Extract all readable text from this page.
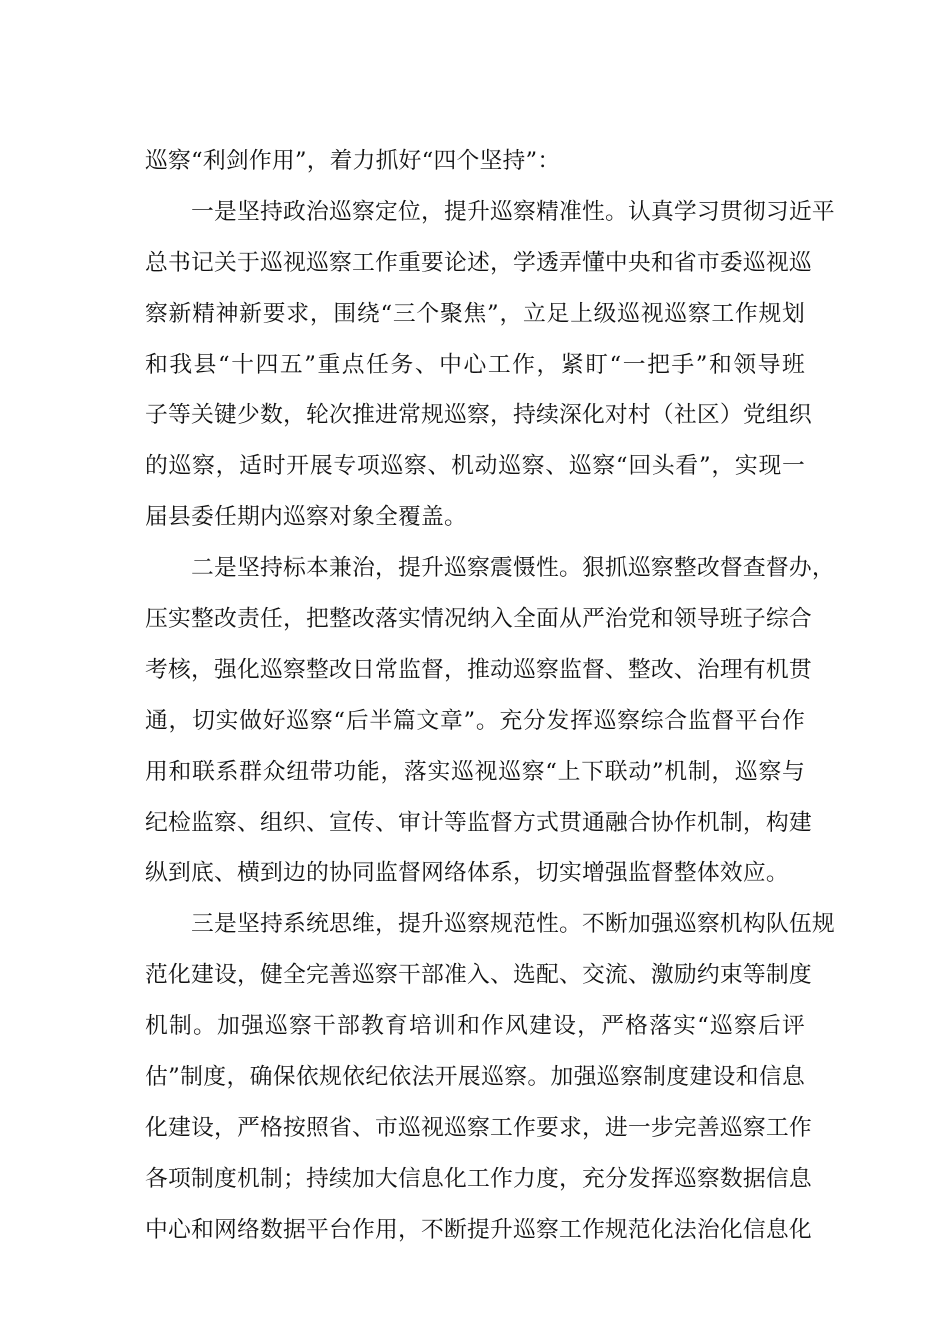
巡察“利剑作用”，着力抓好“四个坚持”：
一是坚持政治巡察定位，提升巡察精准性。认真学习贯彻习近平
总书记关于巡视巡察工作重要论述，学透弄懂中央和省市委巡视巡
察新精神新要求，围绕“三个聚焦”，立足上级巡视巡察工作规划
和我县“十四五”重点任务、中心工作，紧盯“一把手”和领导班
子等关键少数，轮次推进常规巡察，持续深化对村（社区）党组织
的巡察，适时开展专项巡察、机动巡察、巡察“回头看”，实现一
届县委任期内巡察对象全覆盖。
二是坚持标本兼治，提升巡察震慑性。狠抓巡察整改督查督办，
压实整改责任，把整改落实情况纳入全面从严治党和领导班子综合
考核，强化巡察整改日常监督，推动巡察监督、整改、治理有机贯
通，切实做好巡察“后半篇文章”。充分发挥巡察综合监督平台作
用和联系群众纽带功能，落实巡视巡察“上下联动”机制，巡察与
纪检监察、组织、宣传、审计等监督方式贯通融合协作机制，构建
纵到底、横到边的协同监督网络体系，切实增强监督整体效应。
三是坚持系统思维，提升巡察规范性。不断加强巡察机构队伍规
范化建设，健全完善巡察干部准入、选配、交流、激励约束等制度
机制。加强巡察干部教育培训和作风建设，严格落实“巡察后评
估”制度，确保依规依纪依法开展巡察。加强巡察制度建设和信息
化建设，严格按照省、市巡视巡察工作要求，进一步完善巡察工作
各项制度机制；持续加大信息化工作力度，充分发挥巡察数据信息
中心和网络数据平台作用，不断提升巡察工作规范化法治化信息化
